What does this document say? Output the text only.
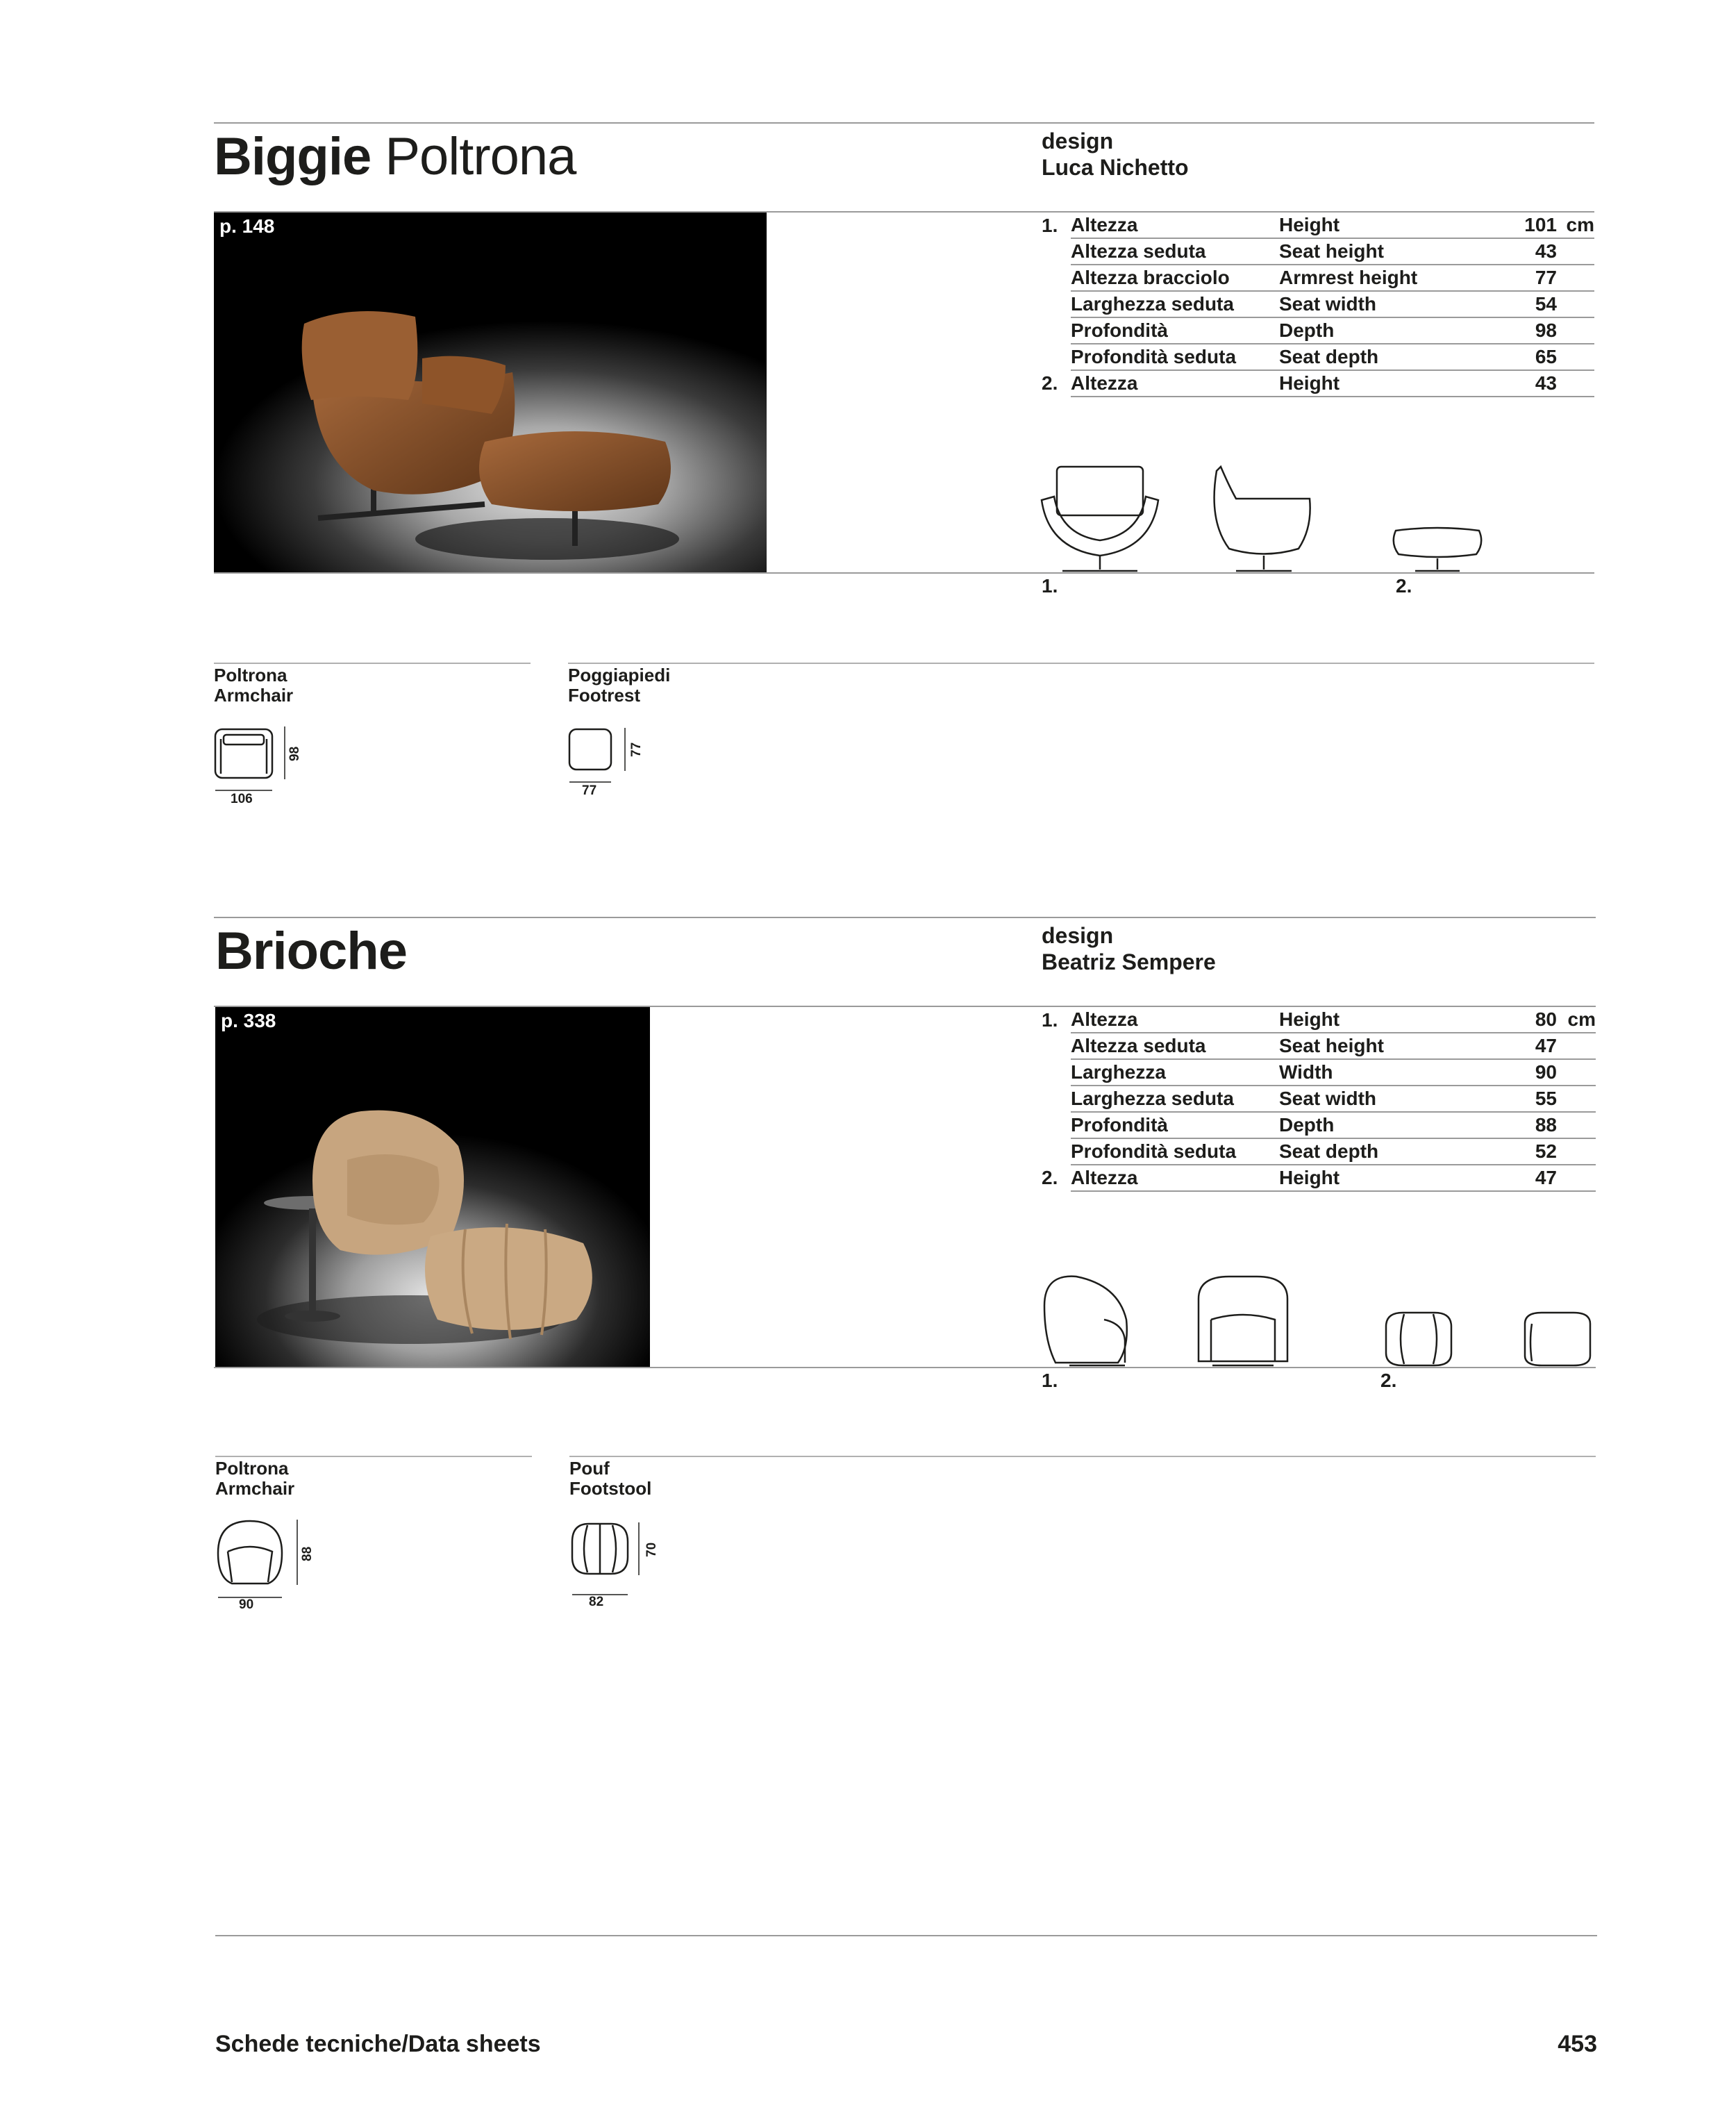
Biggie Poltrona	design
Luca Nichetto
p. 148	1.	Altezza	Height	101	cm
	Altezza seduta	Seat height	43	
	Altezza bracciolo	Armrest height	77	
	Larghezza seduta	Seat width	54	
	Profondità	Depth	98	
	Profondità seduta	Seat depth	65	
2.	Altezza	Height	43	
1.	2.
Poltrona
Armchair
98
106
Poggiapiedi
Footrest
77
77
Brioche	design
Beatriz Sempere
p. 338	1.	Altezza	Height	80	cm
	Altezza seduta	Seat height	47	
	Larghezza	Width	90	
	Larghezza seduta	Seat width	55	
	Profondità	Depth	88	
	Profondità seduta	Seat depth	52	
2.	Altezza	Height	47	
1.	2.
Poltrona
Armchair
88
90
Pouf
Footstool
70
82
Schede tecniche/Data sheets	453
